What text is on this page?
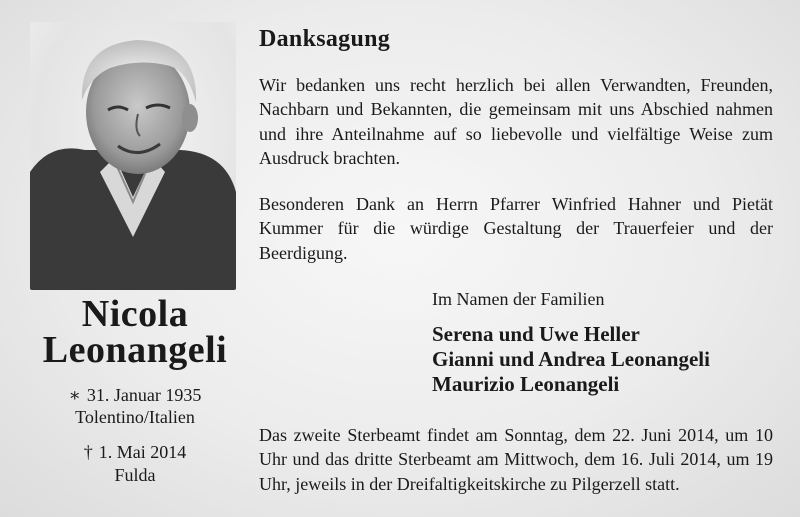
Nicola
Leonangeli
∗ 31. Januar 1935
Tolentino/Italien
† 1. Mai 2014
Fulda
Danksagung
Wir bedanken uns recht herzlich bei allen Verwandten, Freunden, Nachbarn und Bekannten, die gemeinsam mit uns Abschied nahmen und ihre Anteilnahme auf so liebevolle und vielfältige Weise zum Ausdruck brachten.
Besonderen Dank an Herrn Pfarrer Winfried Hahner und Pietät Kummer für die würdige Gestaltung der Trauerfeier und der Beerdigung.
Im Namen der Familien
Serena und Uwe Heller
Gianni und Andrea Leonangeli
Maurizio Leonangeli
Das zweite Sterbeamt findet am Sonntag, dem 22. Juni 2014, um 10 Uhr und das dritte Sterbeamt am Mittwoch, dem 16. Juli 2014, um 19 Uhr, jeweils in der Dreifaltigkeitskirche zu Pilgerzell statt.
